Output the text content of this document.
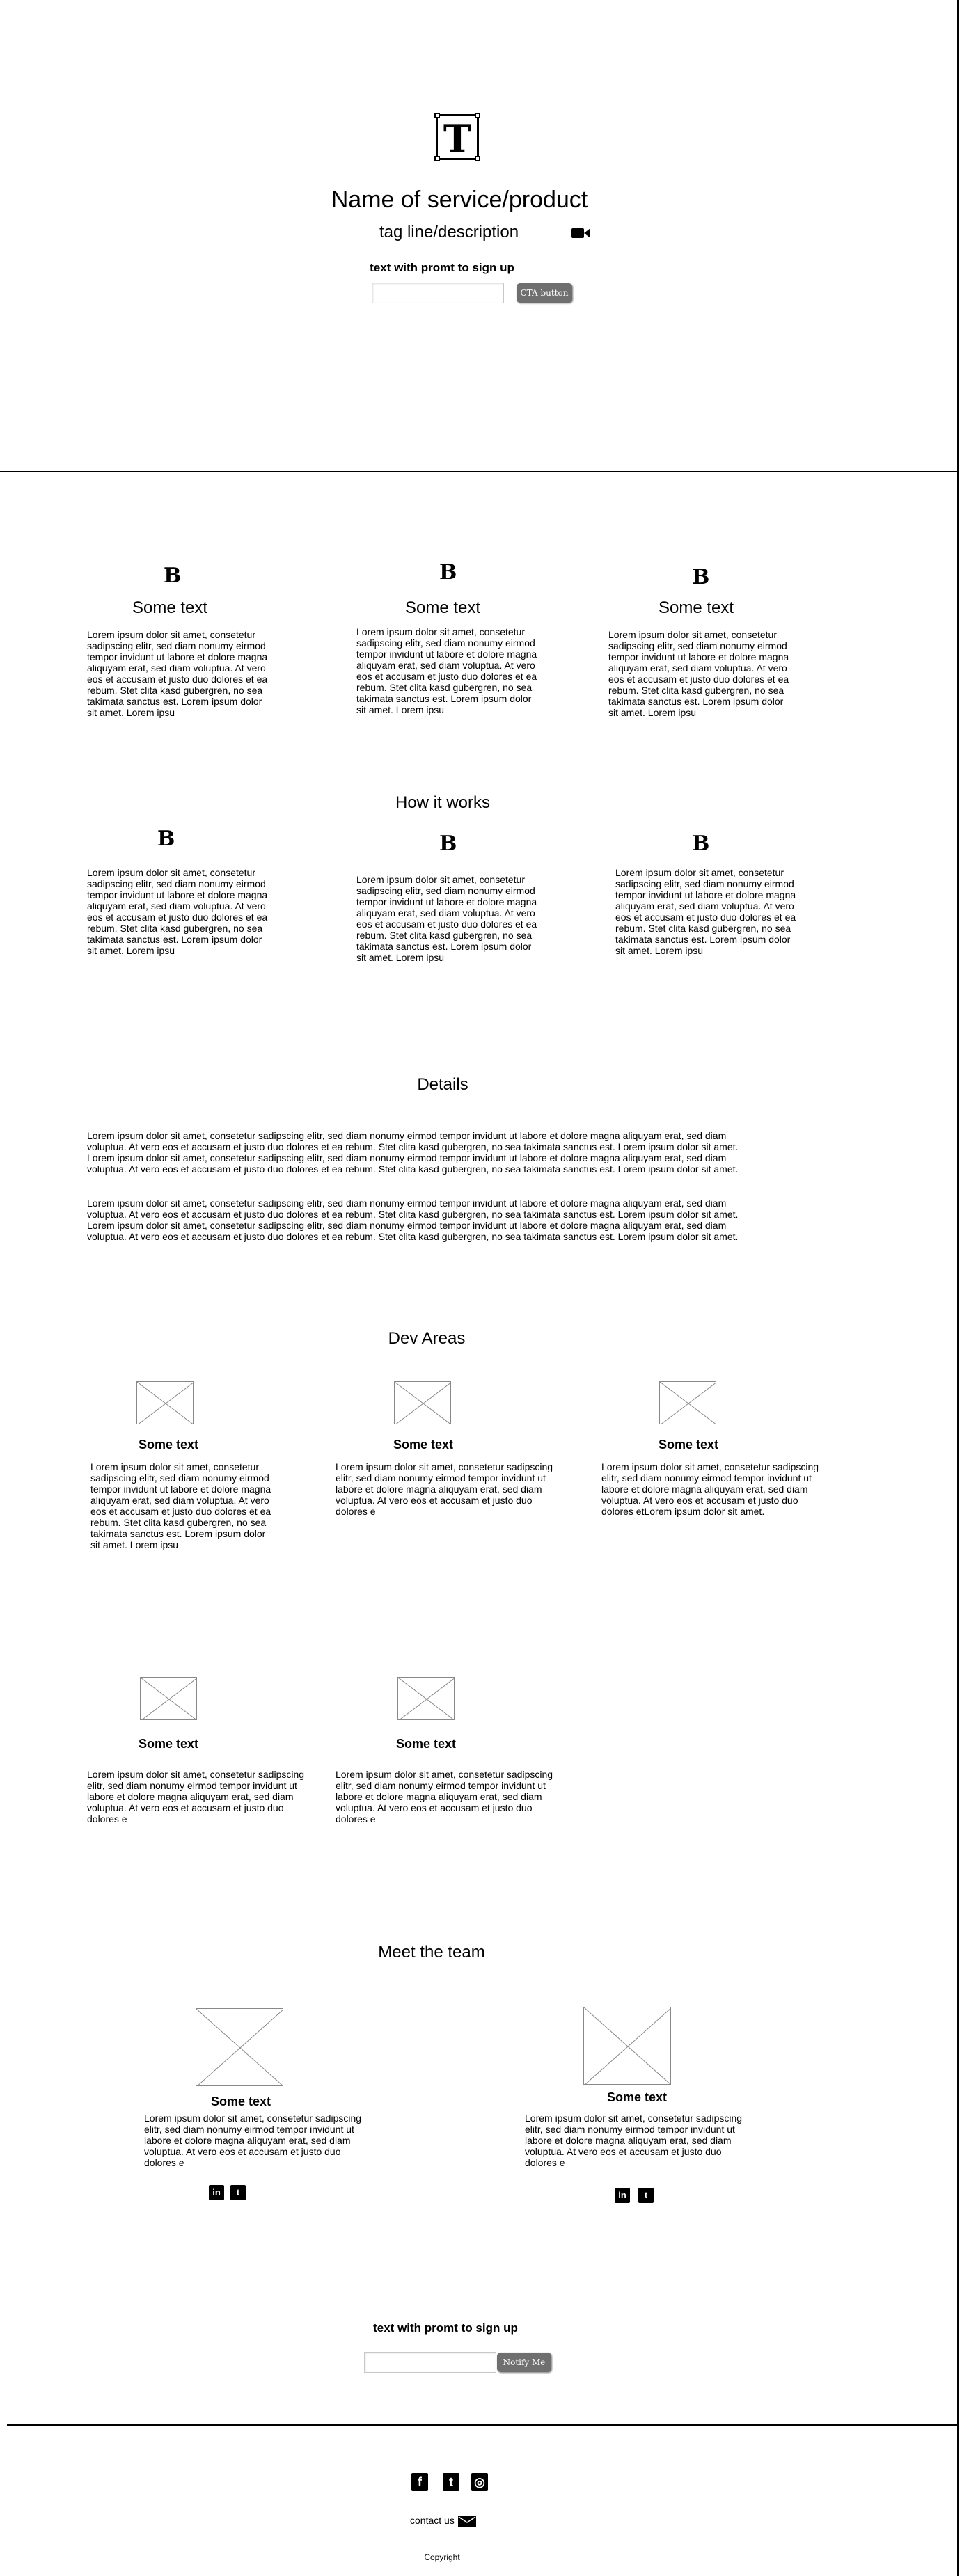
T
Name of service/product
tag line/description
text with promt to sign up
CTA button
B
Some text
Lorem ipsum dolor sit amet, consetetur sadipscing elitr, sed diam nonumy eirmod tempor invidunt ut labore et dolore magna aliquyam erat, sed diam voluptua. At vero eos et accusam et justo duo dolores et ea rebum. Stet clita kasd gubergren, no sea takimata sanctus est. Lorem ipsum dolor sit amet. Lorem ipsu
B
Some text
Lorem ipsum dolor sit amet, consetetur sadipscing elitr, sed diam nonumy eirmod tempor invidunt ut labore et dolore magna aliquyam erat, sed diam voluptua. At vero eos et accusam et justo duo dolores et ea rebum. Stet clita kasd gubergren, no sea takimata sanctus est. Lorem ipsum dolor sit amet. Lorem ipsu
B
Some text
Lorem ipsum dolor sit amet, consetetur sadipscing elitr, sed diam nonumy eirmod tempor invidunt ut labore et dolore magna aliquyam erat, sed diam voluptua. At vero eos et accusam et justo duo dolores et ea rebum. Stet clita kasd gubergren, no sea takimata sanctus est. Lorem ipsum dolor sit amet. Lorem ipsu
How it works
B
Lorem ipsum dolor sit amet, consetetur sadipscing elitr, sed diam nonumy eirmod tempor invidunt ut labore et dolore magna aliquyam erat, sed diam voluptua. At vero eos et accusam et justo duo dolores et ea rebum. Stet clita kasd gubergren, no sea takimata sanctus est. Lorem ipsum dolor sit amet. Lorem ipsu
B
Lorem ipsum dolor sit amet, consetetur sadipscing elitr, sed diam nonumy eirmod tempor invidunt ut labore et dolore magna aliquyam erat, sed diam voluptua. At vero eos et accusam et justo duo dolores et ea rebum. Stet clita kasd gubergren, no sea takimata sanctus est. Lorem ipsum dolor sit amet. Lorem ipsu
B
Lorem ipsum dolor sit amet, consetetur sadipscing elitr, sed diam nonumy eirmod tempor invidunt ut labore et dolore magna aliquyam erat, sed diam voluptua. At vero eos et accusam et justo duo dolores et ea rebum. Stet clita kasd gubergren, no sea takimata sanctus est. Lorem ipsum dolor sit amet. Lorem ipsu
Details
Lorem ipsum dolor sit amet, consetetur sadipscing elitr, sed diam nonumy eirmod tempor invidunt ut labore et dolore magna aliquyam erat, sed diam voluptua. At vero eos et accusam et justo duo dolores et ea rebum. Stet clita kasd gubergren, no sea takimata sanctus est. Lorem ipsum dolor sit amet. Lorem ipsum dolor sit amet, consetetur sadipscing elitr, sed diam nonumy eirmod tempor invidunt ut labore et dolore magna aliquyam erat, sed diam voluptua. At vero eos et accusam et justo duo dolores et ea rebum. Stet clita kasd gubergren, no sea takimata sanctus est. Lorem ipsum dolor sit amet.
Lorem ipsum dolor sit amet, consetetur sadipscing elitr, sed diam nonumy eirmod tempor invidunt ut labore et dolore magna aliquyam erat, sed diam voluptua. At vero eos et accusam et justo duo dolores et ea rebum. Stet clita kasd gubergren, no sea takimata sanctus est. Lorem ipsum dolor sit amet. Lorem ipsum dolor sit amet, consetetur sadipscing elitr, sed diam nonumy eirmod tempor invidunt ut labore et dolore magna aliquyam erat, sed diam voluptua. At vero eos et accusam et justo duo dolores et ea rebum. Stet clita kasd gubergren, no sea takimata sanctus est. Lorem ipsum dolor sit amet.
Dev Areas
Some text
Lorem ipsum dolor sit amet, consetetur sadipscing elitr, sed diam nonumy eirmod tempor invidunt ut labore et dolore magna aliquyam erat, sed diam voluptua. At vero eos et accusam et justo duo dolores et ea rebum. Stet clita kasd gubergren, no sea takimata sanctus est. Lorem ipsum dolor sit amet. Lorem ipsu
Some text
Lorem ipsum dolor sit amet, consetetur sadipscing elitr, sed diam nonumy eirmod tempor invidunt ut labore et dolore magna aliquyam erat, sed diam voluptua. At vero eos et accusam et justo duo dolores e
Some text
Lorem ipsum dolor sit amet, consetetur sadipscing elitr, sed diam nonumy eirmod tempor invidunt ut labore et dolore magna aliquyam erat, sed diam voluptua. At vero eos et accusam et justo duo dolores etLorem ipsum dolor sit amet.
Some text
Lorem ipsum dolor sit amet, consetetur sadipscing elitr, sed diam nonumy eirmod tempor invidunt ut labore et dolore magna aliquyam erat, sed diam voluptua. At vero eos et accusam et justo duo dolores e
Some text
Lorem ipsum dolor sit amet, consetetur sadipscing elitr, sed diam nonumy eirmod tempor invidunt ut labore et dolore magna aliquyam erat, sed diam voluptua. At vero eos et accusam et justo duo dolores e
Meet the team
Some text
Lorem ipsum dolor sit amet, consetetur sadipscing elitr, sed diam nonumy eirmod tempor invidunt ut labore et dolore magna aliquyam erat, sed diam voluptua. At vero eos et accusam et justo duo dolores e
in	t
Some text
Lorem ipsum dolor sit amet, consetetur sadipscing elitr, sed diam nonumy eirmod tempor invidunt ut labore et dolore magna aliquyam erat, sed diam voluptua. At vero eos et accusam et justo duo dolores e
in	t
text with promt to sign up
Notify Me
f	t	◎
contact us
Copyright
